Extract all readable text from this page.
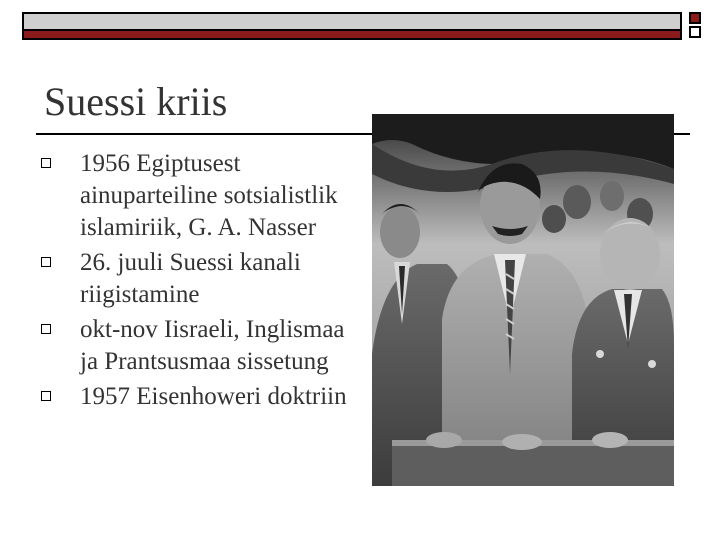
Suessi kriis
1956 Egiptusest ainuparteiline sotsialistlik islamiriik, G. A. Nasser
26. juuli Suessi kanali riigistamine
okt-nov Iisraeli, Inglismaa ja Prantsusmaa sissetung
1957 Eisenhoweri doktriin
